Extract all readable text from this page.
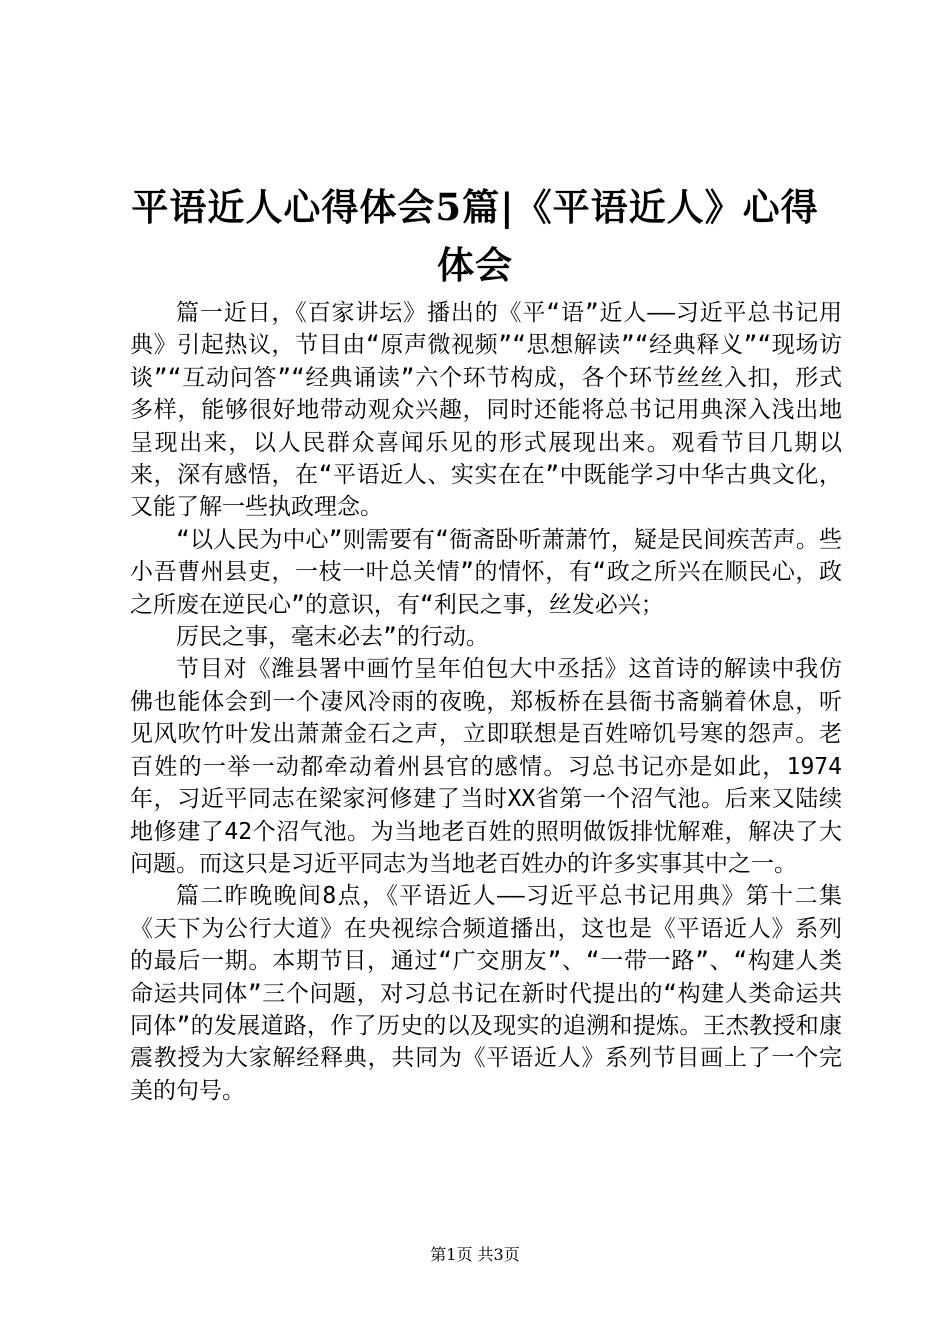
平语近人心得体会5篇|《平语近人》心得体会

篇一近日，《百家讲坛》播出的《平“语”近人——习近平总书记用典》引起热议，节目由“原声微视频”“思想解读”“经典释义”“现场访谈”“互动问答”“经典诵读”六个环节构成，各个环节丝丝入扣，形式多样，能够很好地带动观众兴趣，同时还能将总书记用典深入浅出地呈现出来，以人民群众喜闻乐见的形式展现出来。观看节目几期以来，深有感悟，在“平语近人、实实在在”中既能学习中华古典文化，又能了解一些执政理念。

“以人民为中心”则需要有“衙斋卧听萧萧竹，疑是民间疾苦声。些小吾曹州县吏，一枝一叶总关情”的情怀，有“政之所兴在顺民心，政之所废在逆民心”的意识，有“利民之事，丝发必兴；

厉民之事，毫末必去”的行动。

节目对《潍县署中画竹呈年伯包大中丞括》这首诗的解读中我仿佛也能体会到一个凄风冷雨的夜晚，郑板桥在县衙书斋躺着休息，听见风吹竹叶发出萧萧金石之声，立即联想是百姓啼饥号寒的怨声。老百姓的一举一动都牵动着州县官的感情。习总书记亦是如此，1974年，习近平同志在梁家河修建了当时XX省第一个沼气池。后来又陆续地修建了42个沼气池。为当地老百姓的照明做饭排忧解难，解决了大问题。而这只是习近平同志为当地老百姓办的许多实事其中之一。

篇二昨晚晚间8点，《平语近人——习近平总书记用典》第十二集《天下为公行大道》在央视综合频道播出，这也是《平语近人》系列的最后一期。本期节目，通过“广交朋友”、“一带一路”、“构建人类命运共同体”三个问题，对习总书记在新时代提出的“构建人类命运共同体”的发展道路，作了历史的以及现实的追溯和提炼。王杰教授和康震教授为大家解经释典，共同为《平语近人》系列节目画上了一个完美的句号。

第1页 共3页
